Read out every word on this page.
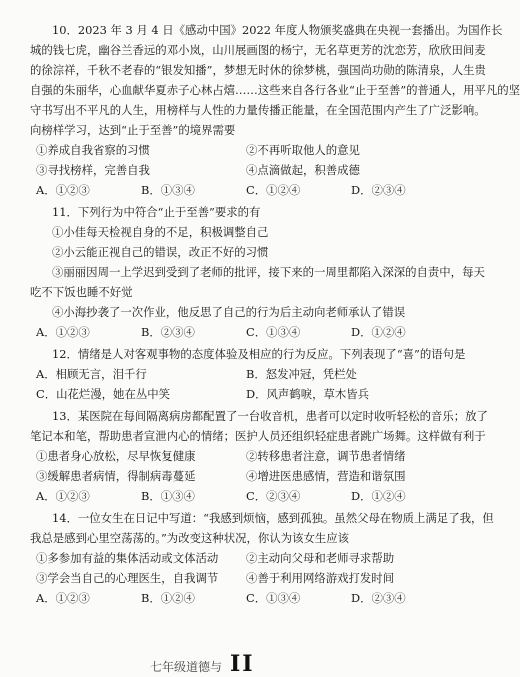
10．2023 年 3 月 4 日《感动中国》2022 年度人物颁奖盛典在央视一套播出。为国作长

城的钱七虎，幽谷兰香远的邓小岚，山川展画图的杨宁，无名草更芳的沈恋芳，欣欣田间麦

的徐淙祥，千秋不老春的“银发知播”，梦想无时休的徐梦桃，强国尚功勋的陈清泉，人生贵

自强的朱丽华，心血献华夏赤子心林占熺……这些来自各行各业“止于至善”的普通人，用平凡的坚

守书写出不平凡的人生，用榜样与人性的力量传播正能量，在全国范围内产生了广泛影响。

向榜样学习，达到“止于至善”的境界需要

①养成自我省察的习惯	②不再听取他人的意见
③寻找榜样，完善自我	④点滴做起，积善成德
A．①②③	B．①③④	C．①②④	D．②③④

11．下列行为中符合“止于至善”要求的有

①小佳每天检视自身的不足，积极调整自己

②小云能正视自己的错误，改正不好的习惯

③丽丽因周一上学迟到受到了老师的批评，接下来的一周里都陷入深深的自责中，每天

吃不下饭也睡不好觉

④小海抄袭了一次作业，他反思了自己的行为后主动向老师承认了错误

A．①②③	B．②③④	C．①③④	D．①②④

12．情绪是人对客观事物的态度体验及相应的行为反应。下列表现了“喜”的语句是

A．相顾无言，泪千行	B．怒发冲冠，凭栏处
C．山花烂漫，她在丛中笑	D．风声鹤唳，草木皆兵

13．某医院在每间隔离病房都配置了一台收音机，患者可以定时收听轻松的音乐；放了

笔记本和笔，帮助患者宣泄内心的情绪；医护人员还组织轻症患者跳广场舞。这样做有利于

①患者身心放松，尽早恢复健康	②转移患者注意，调节患者情绪
③缓解患者病情，得制病毒蔓延	④增进医患感情，营造和谐氛围
A．①②③	B．①③④	C．②③④	D．①②④

14．一位女生在日记中写道：“我感到烦恼，感到孤独。虽然父母在物质上满足了我，但

我总是感到心里空荡荡的。”为改变这种状况，你认为该女生应该

①多参加有益的集体活动或文体活动	②主动向父母和老师寻求帮助
③学会当自己的心理医生，自我调节	④善于利用网络游戏打发时间
A．①②③	B．①②④	C．①③④	D．②③④
七年级道德与 II
